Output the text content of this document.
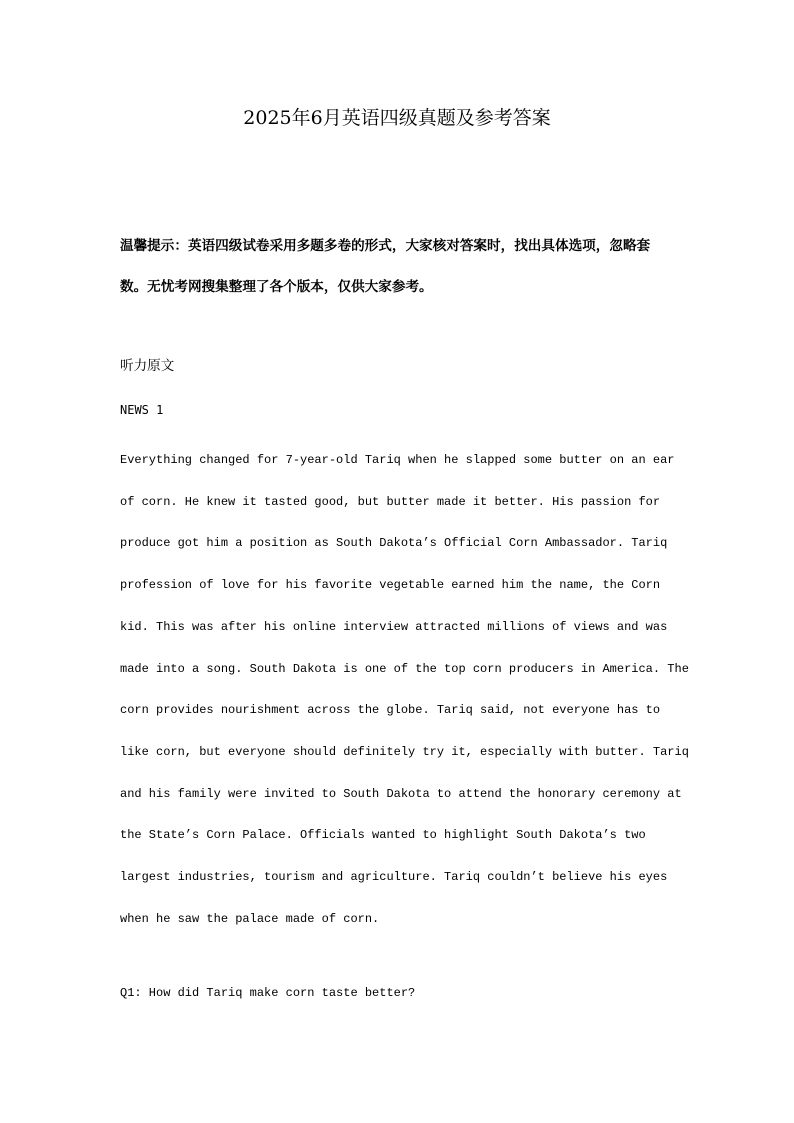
2025年6月英语四级真题及参考答案
温馨提示：英语四级试卷采用多题多卷的形式，大家核对答案时，找出具体选项，忽略套
数。无忧考网搜集整理了各个版本，仅供大家参考。
听力原文
NEWS 1
Everything changed for 7-year-old Tariq when he slapped some butter on an ear
of corn. He knew it tasted good, but butter made it better. His passion for
produce got him a position as South Dakota’s Official Corn Ambassador. Tariq
profession of love for his favorite vegetable earned him the name, the Corn
kid. This was after his online interview attracted millions of views and was
made into a song. South Dakota is one of the top corn producers in America. The
corn provides nourishment across the globe. Tariq said, not everyone has to
like corn, but everyone should definitely try it, especially with butter. Tariq
and his family were invited to South Dakota to attend the honorary ceremony at
the State’s Corn Palace. Officials wanted to highlight South Dakota’s two
largest industries, tourism and agriculture. Tariq couldn’t believe his eyes
when he saw the palace made of corn.
Q1: How did Tariq make corn taste better?
